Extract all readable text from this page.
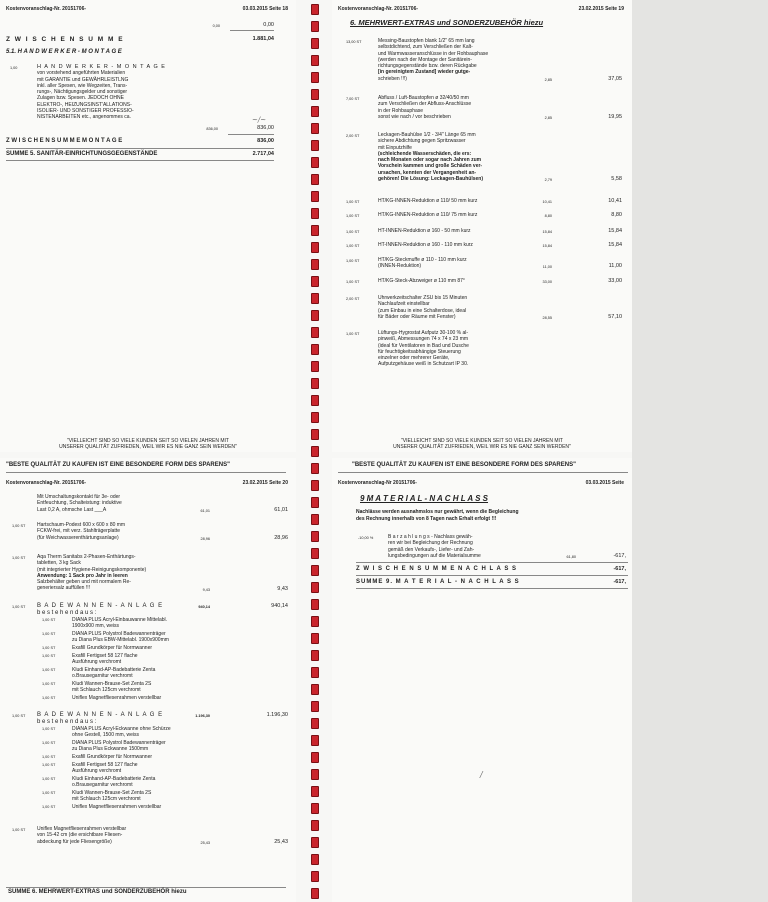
Kostenvoranschlag-Nr. 20151706-	03.03.2015 Seite 18
0,00	0,00
Z W I S C H E N S U M M E	1.881,04
5.1. H A N D W E R K E R - M O N T A G E
1,00	H A N D W E R K E R - M O N T A G E
von vorstehend angeführten Materialien
mit GARANTIE und GEWÄHRLEISTLNG
inkl. aller Spesen, wie Wegzeiten, Trans-
rungs-, Nächtigungsgelder und sonstiger
Zulagen bzw. Spesen. JEDOCH OHNE
ELEKTRO-, HEIZUNGSINST'ALLATIONS-
ISOLIER- UND SONSTIGER PROFESSIO-
NISTENARBEITEN etc., angenommes ca.	~/~
836,00	836,00
Z W I S C H E N S U M M E M O N T A G E	836,00
SUMME 5. SANITÄR-EINRICHTUNGSGEGENSTÄNDE	2.717,04
"VIELLEICHT SIND SO VIELE KUNDEN SEIT SO VIELEN JAHREN MIT
UNSERER QUALITÄT ZUFRIEDEN, WEIL WIR ES NIE GANZ SEIN WERDEN"
Kostenvoranschlag-Nr. 20151706-	23.02.2015 Seite 19
6. MEHRWERT-EXTRAS und SONDERZUBEHÖR hiezu
13,00 ST	Messing-Baustopfen blank 1/2" 65 mm lang
selbstdichtend, zum Verschließen der Kalt-
und Warmwasseranschlüsse in der Rohbauphase
(werden nach der Montage der Sanitärein-
richtungsgegenstände bzw. deren Rückgabe
[in gereinigtem Zustand] wieder gutge-
schrieben !!!)	2,85	37,05
7,00 ST	Abfluss / Luft-Baustopfen ø 32/40/50 mm
zum Verschließen der Abfluss-Anschlüsse
in der Rohbauphase
sonst wie nach / vor beschrieben	2,85	19,95
2,00 ST	Leckagen-Bauhülse 1/2 - 3/4" Länge 65 mm
sichere Abdichtung gegen Spritzwasser
mit Einputzhilfe
(schleichende Wasserschäden, die ers:
nach Monaten oder sogar nach Jahren zum
Vorschein kammen und große Schäden ver-
ursachen, kennten der Vergangenheit an-
gehören! Die Lösung: Leckagen-Bauhülsen)	2,79	5,58
1,00 ST	HT/KG-INNEN-Reduktion ø 110/ 50 mm kurz	10,41	10,41
1,00 ST	HT/KG-INNEN-Reduktion ø 110/ 75 mm kurz	8,80	8,80
1,00 ST	HT-INNEN-Reduktion ø 160 - 50 mm kurz	15,84	15,84
1,00 ST	HT-INNEN-Reduktion ø 160 - 110 mm kurz	15,84	15,84
1,00 ST	HT/KG-Steckmuffe ø 110 - 110 mm kurz
(INNEN-Reduktion)	11,00	11,00
1,00 ST	HT/KG-Steck-Abzweiger ø 110 mm 87°	33,00	33,00
2,00 ST	Uhrwerkzeitschalter ZSU bis 15 Minuten
Nachlaufzeit einstellbar
(zum Einbau in eine Schalterdose, ideal
für Bäder oder Räume mit Fenster)	28,55	57,10
1,00 ST	Lüftungs-Hygrostat Aufputz 30-100 % al-
pinweiß, Abmessungen 74 x 74 x 23 mm
(ideal für Ventilatoren in Bad und Dusche
für feuchtigkeitsabhängige Steuerung
einzelner oder mehrerer Geräte,
Aufputzgehäuse weiß in Schutzart IP 30.
"VIELLEICHT SIND SO VIELE KUNDEN SEIT SO VIELEN JAHREN MIT
UNSERER QUALITÄT ZUFRIEDEN, WEIL WIR ES NIE GANZ SEIN WERDEN"
"BESTE QUALITÄT ZU KAUFEN IST EINE BESONDERE FORM DES SPARENS"
Kostenvoranschlag-Nr. 20151706-	23.02.2015 Seite 20
Mit Umschaltungskontakt für 3e- oder
Entfeuchtung, Schalteistung: induktive
Last 0,2 A, ohmsche Last ___A	61,01	61,01
1,00 ST Hartschaum-Podest 600 x 600 x 80 mm
FCKW-frei, mit verz. Stahlträgerplatte
(für Weichwasserenthärtungsanlage)	28,96	28,96
1,00 ST Aqa Therm Sanitabs 2-Phasen-Enthärtungs-
tabletten, 3 kg Sack
(mit integrierter Hygiene-Reinigungskomponente)
Anwendung: 1 Sack pro Jahr in leeren
Salzbehälter geben und mit normalem Re-
generiersalz auffüllen !!!	9,43	9,43
1,00 ST B A D E W A N N E N - A N L A G E
b e s t e h e n d a u s :
940,14	940,14
1,00 ST	DIANA PLUS Acryl-Einbauwanne Mittelabl.
1900x900 mm, weiss
1,00 ST	DIANA PLUS Polystrol Badewannenträger
zu Diana Plus EBW-Mittelabl. 1900x900mm
1,00 ST	Exafill Grundkörper für Normwanner
1,00 ST	Exafill Fertigset 58 127 flache
Ausführung verchromt
1,00 ST	Kludi Einhand-AP-Badebatterie Zenta
o.Brausegarnitur verchromt
1,00 ST	Kludi Wannen-Brause-Set Zenta 2S
mit Schlauch 125cm verchromt
1,00 ST	Uniflex Magnetfliesenrahmen verstellbar
1,00 ST B A D E W A N N E N - A N L A G E
b e s t e h e n d a u s :
1.196,30	1.196,30
1,00 ST	DIANA PLUS Acryl-Eckwanne ohne Schürze
ohne Gestell, 1500 mm, weiss
1,00 ST	DIANA PLUS Polystrol Badewannenträger
zu Diana Plus Eckwanne 1500mm
1,00 ST	Exafill Grundkörper für Normwanner
1,00 ST	Exafill Fertigset 58 127 flache
Ausführung verchromt
1,00 ST	Kludi Einhand-AP-Badebatterie Zenta
o.Brausegarnitur verchromt
1,00 ST	Kludi Wannen-Brause-Set Zenta 2S
mit Schlauch 125cm verchromt
1,00 ST	Uniflex Magnetfliesenrahmen verstellbar
1,00 ST Uniflex Magnetfliesenrahmen verstellbar
von 15-42 cm (die ersichtbare Fliesen-
abdeckung für jede Fliesengröße)	25,43	25,43
SUMME 6. MEHRWERT-EXTRAS und SONDERZUBEHÖR hiezu
"BESTE QUALITÄT ZU KAUFEN IST EINE BESONDERE FORM DES SPARENS"
Kostenvoranschlag-Nr 20151706-	03.03.2015 Seite
9 M A T E R I A L - N A C H L A S S
Nachlässe werden ausnahmslos nur gewährt, wenn die Begleichung
des Rechnung innerhalb von 8 Tagen nach Erhalt erfolgt !!!
-10,00 %	B a r z a h l u n g s - Nachlass gewäh-
ren wir bei Begleichung der Rechnung
gemäß den Verkaufs-, Liefer- und Zah-
lungsbedingungen auf die Materialsumme	61,80	-617,
Z W I S C H E N S U M M E N A C H L A S S	-617,
SUMME 9. M A T E R I A L - N A C H L A S S	-617,
/
